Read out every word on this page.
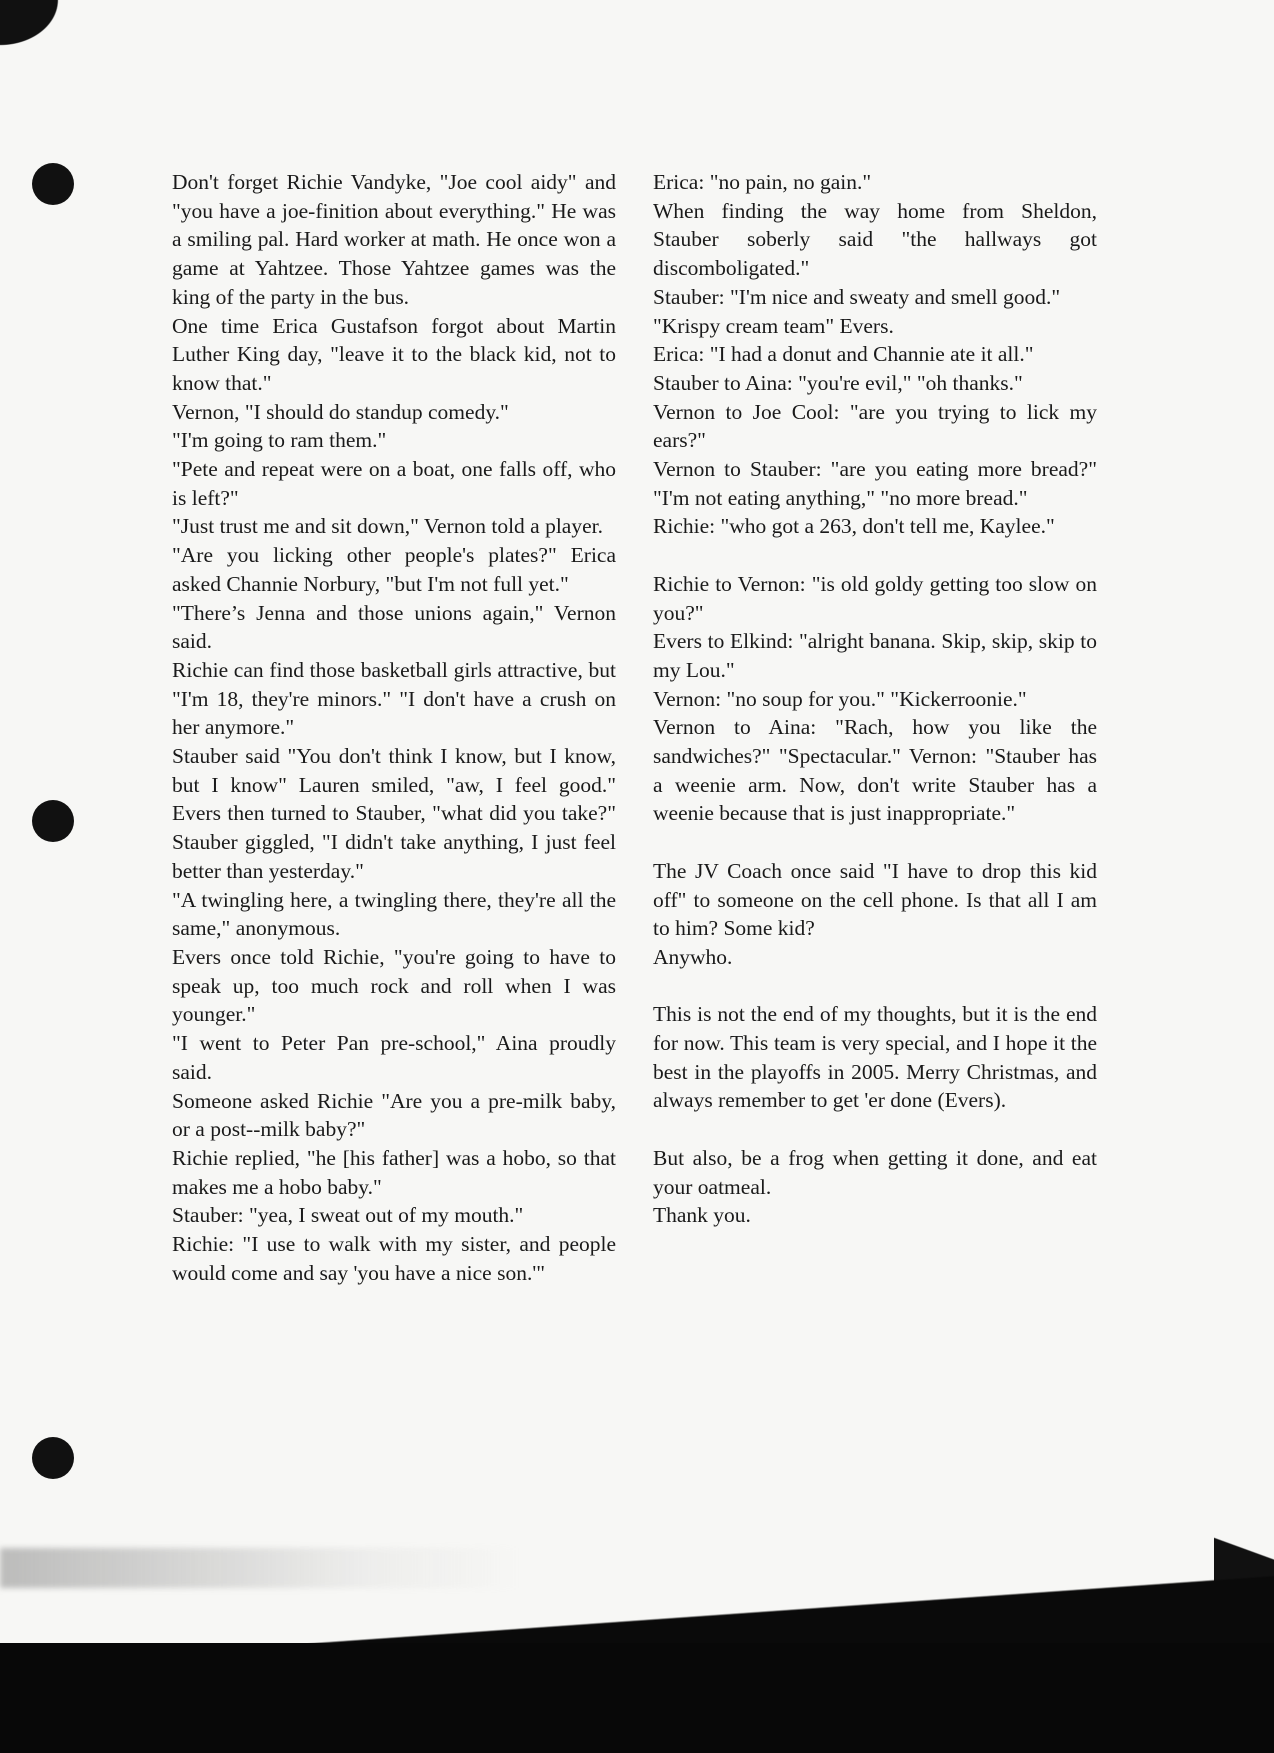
Don't forget Richie Vandyke, "Joe cool aidy" and "you have a joe-finition about everything." He was a smiling pal. Hard worker at math. He once won a game at Yahtzee. Those Yahtzee games was the king of the party in the bus.

One time Erica Gustafson forgot about Martin Luther King day, "leave it to the black kid, not to know that."

Vernon, "I should do standup comedy."

"I'm going to ram them."

"Pete and repeat were on a boat, one falls off, who is left?"

"Just trust me and sit down," Vernon told a player.

"Are you licking other people's plates?" Erica asked Channie Norbury, "but I'm not full yet."

"There’s Jenna and those unions again," Vernon said.

Richie can find those basketball girls attractive, but "I'm 18, they're minors." "I don't have a crush on her anymore."

Stauber said "You don't think I know, but I know, but I know" Lauren smiled, "aw, I feel good." Evers then turned to Stauber, "what did you take?" Stauber giggled, "I didn't take anything, I just feel better than yesterday."

"A twingling here, a twingling there, they're all the same," anonymous.

Evers once told Richie, "you're going to have to speak up, too much rock and roll when I was younger."

"I went to Peter Pan pre-school," Aina proudly said.

Someone asked Richie "Are you a pre-milk baby, or a post--milk baby?"

Richie replied, "he [his father] was a hobo, so that makes me a hobo baby."

Stauber: "yea, I sweat out of my mouth."

Richie: "I use to walk with my sister, and people would come and say 'you have a nice son.'"

Erica: "no pain, no gain."

When finding the way home from Sheldon, Stauber soberly said "the hallways got discomboligated."

Stauber: "I'm nice and sweaty and smell good."

"Krispy cream team" Evers.

Erica: "I had a donut and Channie ate it all."

Stauber to Aina: "you're evil," "oh thanks."

Vernon to Joe Cool: "are you trying to lick my ears?"

Vernon to Stauber: "are you eating more bread?" "I'm not eating anything," "no more bread."

Richie: "who got a 263, don't tell me, Kaylee."

Richie to Vernon: "is old goldy getting too slow on you?"

Evers to Elkind: "alright banana. Skip, skip, skip to my Lou."

Vernon: "no soup for you." "Kickerroonie."

Vernon to Aina: "Rach, how you like the sandwiches?" "Spectacular." Vernon: "Stauber has a weenie arm. Now, don't write Stauber has a weenie because that is just inappropriate."

The JV Coach once said "I have to drop this kid off" to someone on the cell phone. Is that all I am to him? Some kid?

Anywho.

This is not the end of my thoughts, but it is the end for now. This team is very special, and I hope it the best in the playoffs in 2005. Merry Christmas, and always remember to get 'er done (Evers).

But also, be a frog when getting it done, and eat your oatmeal.

Thank you.
